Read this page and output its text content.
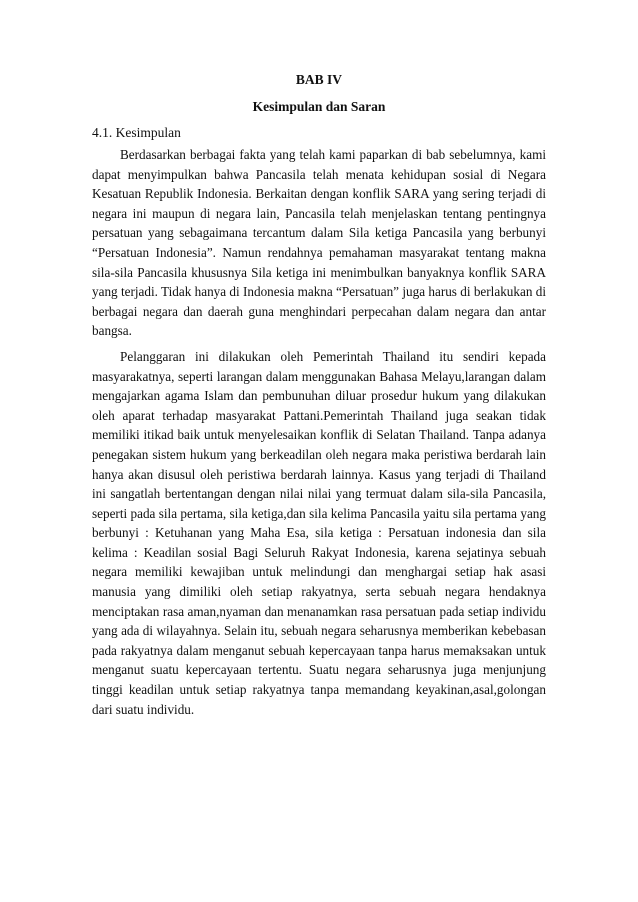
BAB IV
Kesimpulan dan Saran
4.1. Kesimpulan

Berdasarkan berbagai fakta yang telah kami paparkan di bab sebelumnya, kami dapat menyimpulkan bahwa Pancasila telah menata kehidupan sosial di Negara Kesatuan Republik Indonesia. Berkaitan dengan konflik SARA yang sering terjadi di negara ini maupun di negara lain, Pancasila telah menjelaskan tentang pentingnya persatuan yang sebagaimana tercantum dalam Sila ketiga Pancasila yang berbunyi “Persatuan Indonesia”. Namun rendahnya pemahaman masyarakat tentang makna sila-sila Pancasila khususnya Sila ketiga ini menimbulkan banyaknya konflik SARA yang terjadi. Tidak hanya di Indonesia makna “Persatuan” juga harus di berlakukan di berbagai negara dan daerah guna menghindari perpecahan dalam negara dan antar bangsa.

Pelanggaran ini dilakukan oleh Pemerintah Thailand itu sendiri kepada masyarakatnya, seperti larangan dalam menggunakan Bahasa Melayu,larangan dalam mengajarkan agama Islam dan pembunuhan diluar prosedur hukum yang dilakukan oleh aparat terhadap masyarakat Pattani.Pemerintah Thailand juga seakan tidak memiliki itikad baik untuk menyelesaikan konflik di Selatan Thailand. Tanpa adanya penegakan sistem hukum yang berkeadilan oleh negara maka peristiwa berdarah lain hanya akan disusul oleh peristiwa berdarah lainnya. Kasus yang terjadi di Thailand ini sangatlah bertentangan dengan nilai nilai yang termuat dalam sila-sila Pancasila, seperti pada sila pertama, sila ketiga,dan sila kelima Pancasila yaitu sila pertama yang berbunyi : Ketuhanan yang Maha Esa, sila ketiga : Persatuan indonesia dan sila kelima : Keadilan sosial Bagi Seluruh Rakyat Indonesia, karena sejatinya sebuah negara memiliki kewajiban untuk melindungi dan menghargai setiap hak asasi manusia yang dimiliki oleh setiap rakyatnya, serta sebuah negara hendaknya menciptakan rasa aman,nyaman dan menanamkan rasa persatuan pada setiap individu yang ada di wilayahnya. Selain itu, sebuah negara seharusnya memberikan kebebasan pada rakyatnya dalam menganut sebuah kepercayaan tanpa harus memaksakan untuk menganut suatu kepercayaan tertentu. Suatu negara seharusnya juga menjunjung tinggi keadilan untuk setiap rakyatnya tanpa memandang keyakinan,asal,golongan dari suatu individu.
